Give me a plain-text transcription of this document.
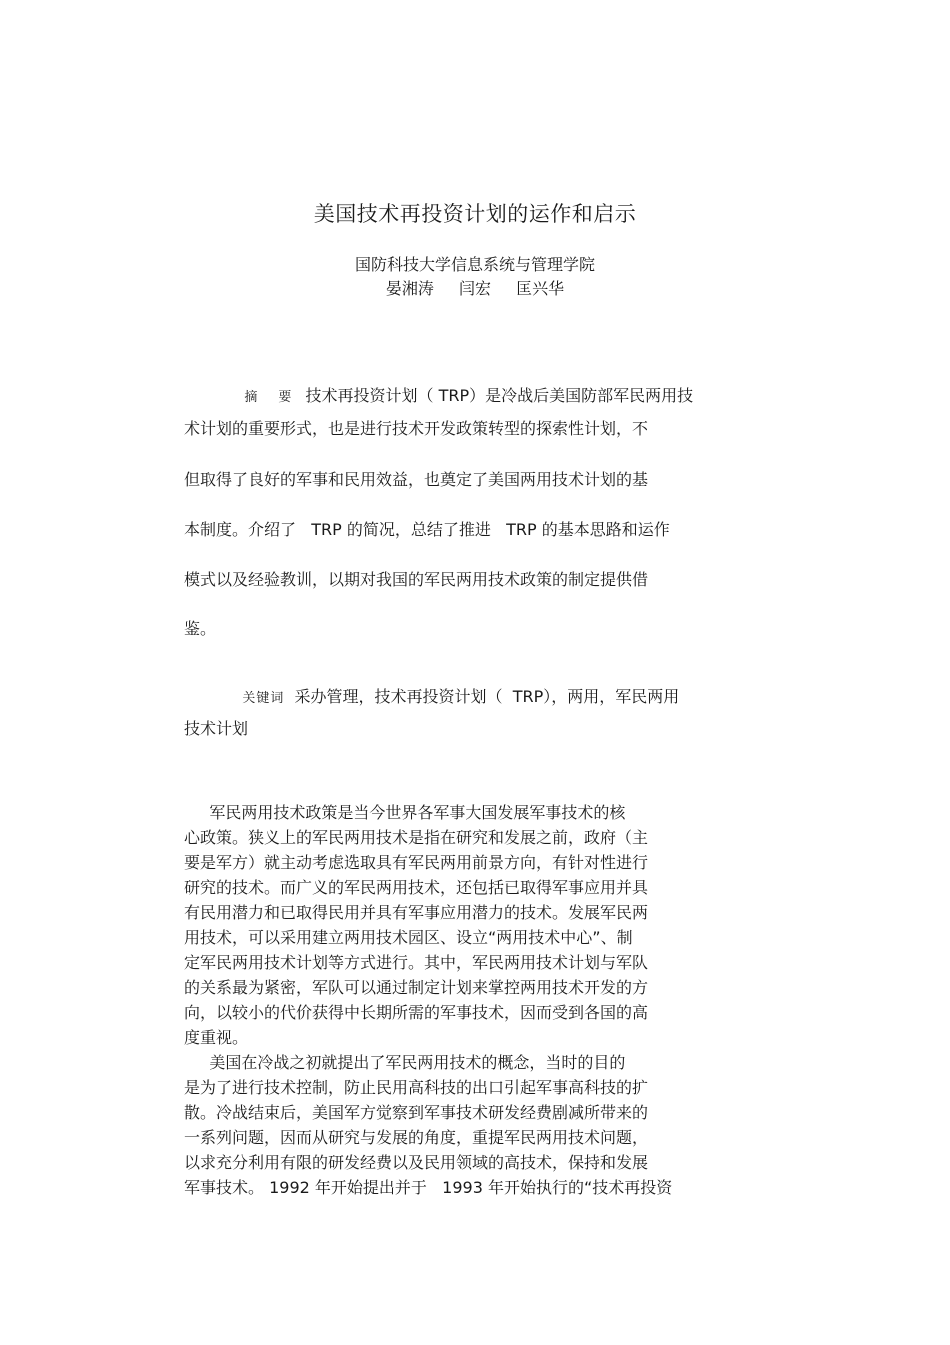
美国技术再投资计划的运作和启示
国防科技大学信息系统与管理学院
晏湘涛　 闫宏　 匡兴华

摘　要 技术再投资计划（ TRP）是冷战后美国防部军民两用技

术计划的重要形式，也是进行技术开发政策转型的探索性计划，不
但取得了良好的军事和民用效益，也奠定了美国两用技术计划的基
本制度。介绍了   TRP 的简况，总结了推进   TRP 的基本思路和运作
模式以及经验教训，以期对我国的军民两用技术政策的制定提供借
鉴。

关键词 采办管理，技术再投资计划（  TRP），两用，军民两用

技术计划
军民两用技术政策是当今世界各军事大国发展军事技术的核
心政策。狭义上的军民两用技术是指在研究和发展之前，政府（主
要是军方）就主动考虑选取具有军民两用前景方向，有针对性进行
研究的技术。而广义的军民两用技术，还包括已取得军事应用并具
有民用潜力和已取得民用并具有军事应用潜力的技术。发展军民两
用技术，可以采用建立两用技术园区、设立“两用技术中心”、制
定军民两用技术计划等方式进行。其中，军民两用技术计划与军队
的关系最为紧密，军队可以通过制定计划来掌控两用技术开发的方
向，以较小的代价获得中长期所需的军事技术，因而受到各国的高
度重视。
美国在冷战之初就提出了军民两用技术的概念，当时的目的
是为了进行技术控制，防止民用高科技的出口引起军事高科技的扩
散。冷战结束后，美国军方觉察到军事技术研发经费剧减所带来的
一系列问题，因而从研究与发展的角度，重提军民两用技术问题，
以求充分利用有限的研发经费以及民用领域的高技术，保持和发展
军事技术。 1992 年开始提出并于   1993 年开始执行的“技术再投资
